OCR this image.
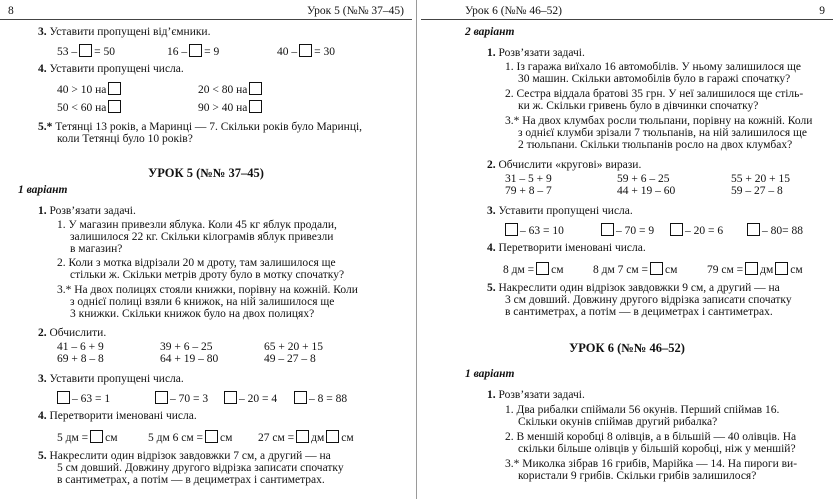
8	Урок 5 (№№ 37–45)
3. Уставити пропущені від’ємники.
53 – = 50	16 – = 9	40 – = 30
4. Уставити пропущені числа.
40 > 10 на	20 < 80 на
50 < 60 на	90 > 40 на
5.* Тетянці 13 років, а Маринці — 7. Скільки років було Маринці,
коли Тетянці було 10 років?
УРОК 5 (№№ 37–45)
1 варіант
1. Розв’язати задачі.
1. У магазин привезли яблука. Коли 45 кг яблук продали,
залишилося 22 кг. Скільки кілограмів яблук привезли
в магазин?
2. Коли з мотка відрізали 20 м дроту, там залишилося ще
стільки ж. Скільки метрів дроту було в мотку спочатку?
3.* На двох полицях стояли книжки, порівну на кожній. Коли
з однієї полиці взяли 6 книжок, на ній залишилося ще
3 книжки. Скільки книжок було на двох полицях?
2. Обчислити.
41 – 6 + 9	39 + 6 – 25	65 + 20 + 15
69 + 8 – 8	64 + 19 – 80	49 – 27 – 8
3. Уставити пропущені числа.
– 63 = 1	– 70 = 3	– 20 = 4	– 8 = 88
4. Перетворити іменовані числа.
5 дм = см	5 дм 6 см = см 27 см = дм см
5. Накреслити один відрізок завдовжки 7 см, а другий — на
5 см довший. Довжину другого відрізка записати спочатку
в сантиметрах, а потім — в дециметрах і сантиметрах.
Урок 6 (№№ 46–52)	9
2 варіант
1. Розв’язати задачі.
1. Із гаража виїхало 16 автомобілів. У ньому залишилося ще
30 машин. Скільки автомобілів було в гаражі спочатку?
2. Сестра віддала братові 35 грн. У неї залишилося ще стіль-
ки ж. Скільки гривень було в дівчинки спочатку?
3.* На двох клумбах росли тюльпани, порівну на кожній. Коли
з однієї клумби зрізали 7 тюльпанів, на ній залишилося ще
2 тюльпани. Скільки тюльпанів росло на двох клумбах?
2. Обчислити «кругові» вирази.
31 – 5 + 9	59 + 6 – 25	55 + 20 + 15
79 + 8 – 7	44 + 19 – 60	59 – 27 – 8
3. Уставити пропущені числа.
– 63 = 10	– 70 = 9	– 20 = 6	– 80= 88
4. Перетворити іменовані числа.
8 дм = см	8 дм 7 см = см	79 см = дм см
5. Накреслити один відрізок завдовжки 9 см, а другий — на
3 см довший. Довжину другого відрізка записати спочатку
в сантиметрах, а потім — в дециметрах і сантиметрах.
УРОК 6 (№№ 46–52)
1 варіант
1. Розв’язати задачі.
1. Два рибалки спіймали 56 окунів. Перший спіймав 16.
Скільки окунів спіймав другий рибалка?
2. В меншій коробці 8 олівців, а в більшій — 40 олівців. На
скільки більше олівців у більшій коробці, ніж у меншій?
3.* Миколка зібрав 16 грибів, Марійка — 14. На пироги ви-
користали 9 грибів. Скільки грибів залишилося?
